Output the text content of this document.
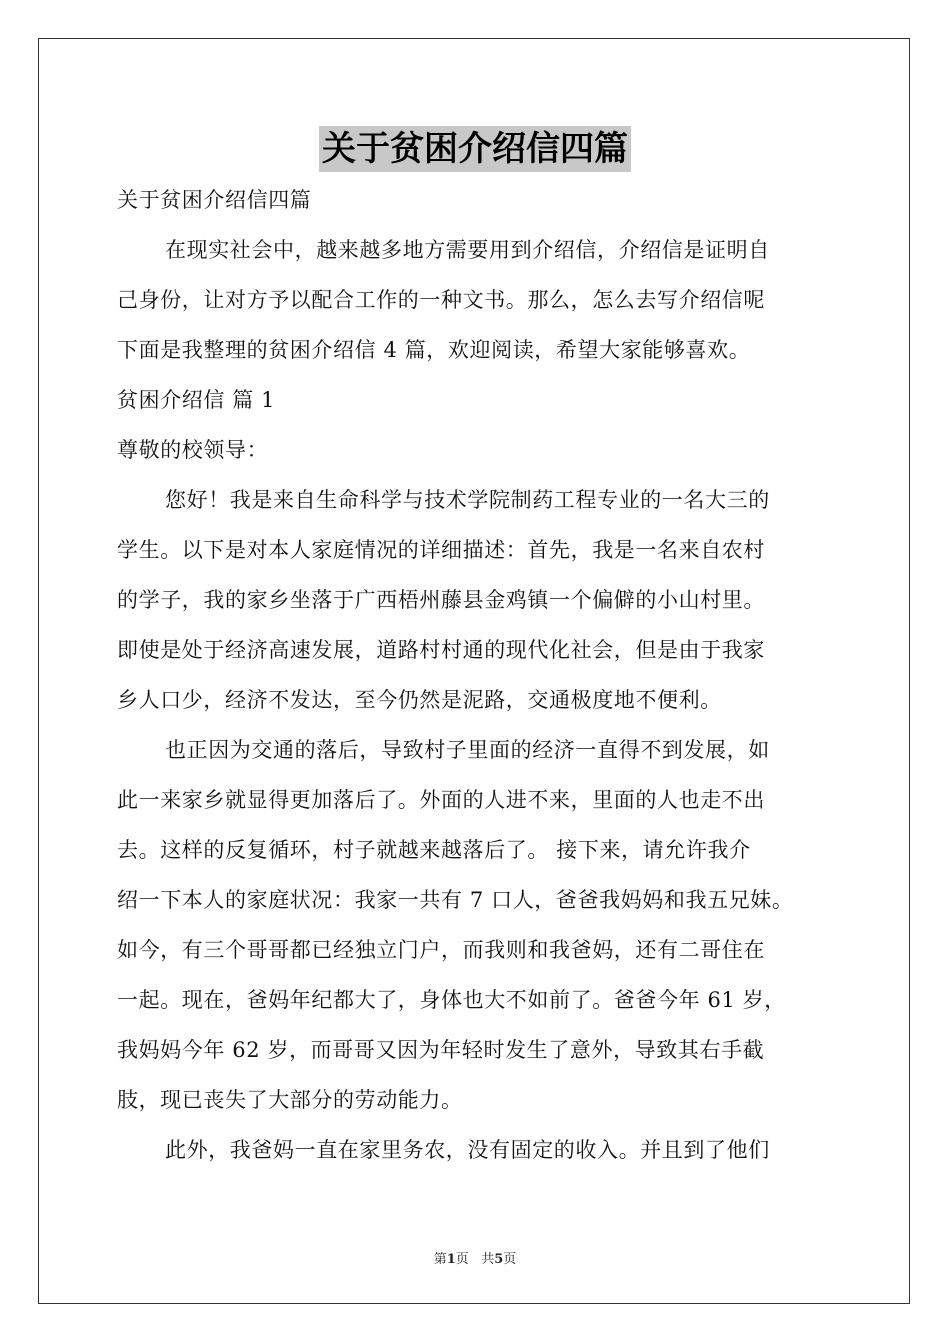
关于贫困介绍信四篇
关于贫困介绍信四篇
在现实社会中，越来越多地方需要用到介绍信，介绍信是证明自
己身份，让对方予以配合工作的一种文书。那么，怎么去写介绍信呢
下面是我整理的贫困介绍信 4 篇，欢迎阅读，希望大家能够喜欢。
贫困介绍信 篇 1
尊敬的校领导：
您好！我是来自生命科学与技术学院制药工程专业的一名大三的
学生。以下是对本人家庭情况的详细描述：首先，我是一名来自农村
的学子，我的家乡坐落于广西梧州藤县金鸡镇一个偏僻的小山村里。
即使是处于经济高速发展，道路村村通的现代化社会，但是由于我家
乡人口少，经济不发达，至今仍然是泥路，交通极度地不便利。
也正因为交通的落后，导致村子里面的经济一直得不到发展，如
此一来家乡就显得更加落后了。外面的人进不来，里面的人也走不出
去。这样的反复循环，村子就越来越落后了。 接下来，请允许我介
绍一下本人的家庭状况：我家一共有 7 口人，爸爸我妈妈和我五兄妹。
如今，有三个哥哥都已经独立门户，而我则和我爸妈，还有二哥住在
一起。现在，爸妈年纪都大了，身体也大不如前了。爸爸今年 61 岁，
我妈妈今年 62 岁，而哥哥又因为年轻时发生了意外，导致其右手截
肢，现已丧失了大部分的劳动能力。
此外，我爸妈一直在家里务农，没有固定的收入。并且到了他们
第1页 共5页
